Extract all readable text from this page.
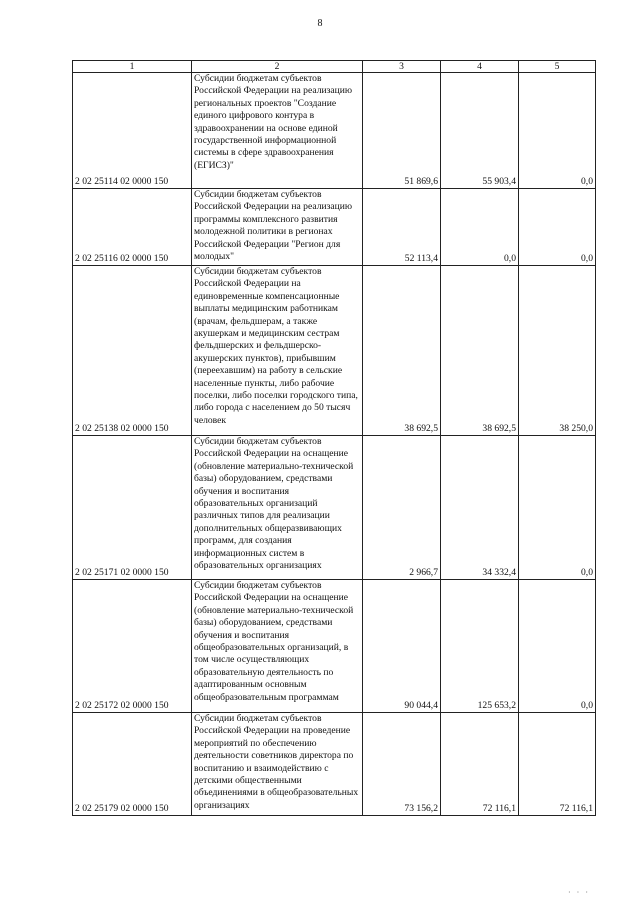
8
1	2	3	4	5
2 02 25114 02 0000 150	Субсидии бюджетам субъектов Российской Федерации на реализацию региональных проектов "Создание единого цифрового контура в здравоохранении на основе единой государственной информационной системы в сфере здравоохранения (ЕГИСЗ)"	51 869,6	55 903,4	0,0
2 02 25116 02 0000 150	Субсидии бюджетам субъектов Российской Федерации на реализацию программы комплексного развития молодежной политики в регионах Российской Федерации "Регион для молодых"	52 113,4	0,0	0,0
2 02 25138 02 0000 150	Субсидии бюджетам субъектов Российской Федерации на единовременные компенсационные выплаты медицинским работникам (врачам, фельдшерам, а также акушеркам и медицинским сестрам фельдшерских и фельдшерско-акушерских пунктов), прибывшим (переехавшим) на работу в сельские населенные пункты, либо рабочие поселки, либо поселки городского типа, либо города с населением до 50 тысяч человек	38 692,5	38 692,5	38 250,0
2 02 25171 02 0000 150	Субсидии бюджетам субъектов Российской Федерации на оснащение (обновление материально-технической базы) оборудованием, средствами обучения и воспитания образовательных организаций различных типов для реализации дополнительных общеразвивающих программ, для создания информационных систем в образовательных организациях	2 966,7	34 332,4	0,0
2 02 25172 02 0000 150	Субсидии бюджетам субъектов Российской Федерации на оснащение (обновление материально-технической базы) оборудованием, средствами обучения и воспитания общеобразовательных организаций, в том числе осуществляющих образовательную деятельность по адаптированным основным общеобразовательным программам	90 044,4	125 653,2	0,0
2 02 25179 02 0000 150	Субсидии бюджетам субъектов Российской Федерации на проведение мероприятий по обеспечению деятельности советников директора по воспитанию и взаимодействию с детскими общественными объединениями в общеобразовательных организациях	73 156,2	72 116,1	72 116,1
· · ·
